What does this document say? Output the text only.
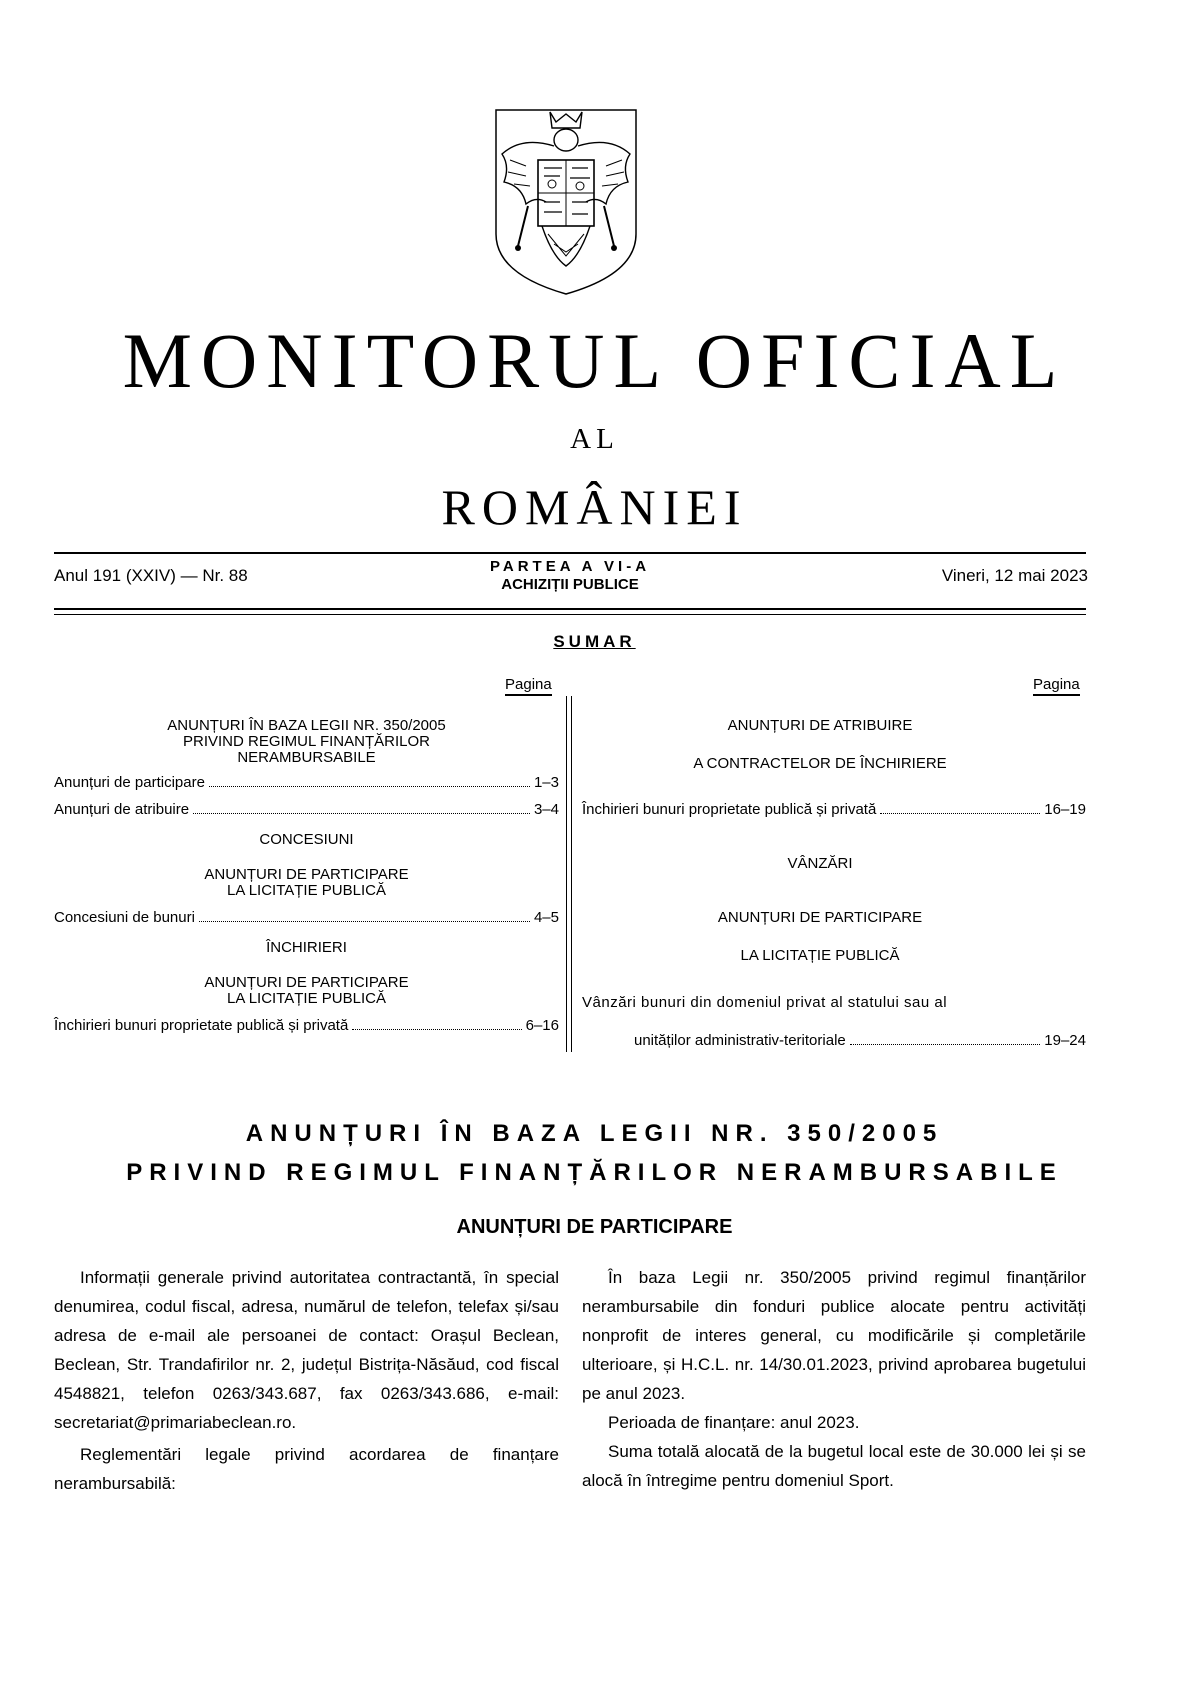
MONITORUL OFICIAL
AL
ROMÂNIEI
Anul 191 (XXIV) — Nr. 88	PARTEA A VI-A
ACHIZIȚII PUBLICE	Vineri, 12 mai 2023
SUMAR
Pagina	Pagina
ANUNȚURI ÎN BAZA LEGII NR. 350/2005
PRIVIND REGIMUL FINANȚĂRILOR
NERAMBURSABILE
Anunțuri de participare	1–3
Anunțuri de atribuire	3–4
CONCESIUNI
ANUNȚURI DE PARTICIPARE
LA LICITAȚIE PUBLICĂ
Concesiuni de bunuri	4–5
ÎNCHIRIERI
ANUNȚURI DE PARTICIPARE
LA LICITAȚIE PUBLICĂ
Închirieri bunuri proprietate publică și privată	6–16
ANUNȚURI DE ATRIBUIRE
A CONTRACTELOR DE ÎNCHIRIERE
Închirieri bunuri proprietate publică și privată	16–19
VÂNZĂRI
ANUNȚURI DE PARTICIPARE
LA LICITAȚIE PUBLICĂ
Vânzări bunuri din domeniul privat al statului sau al
unităților administrativ-teritoriale	19–24
ANUNȚURI ÎN BAZA LEGII NR. 350/2005
PRIVIND REGIMUL FINANȚĂRILOR NERAMBURSABILE
ANUNȚURI DE PARTICIPARE

Informații generale privind autoritatea contractantă, în special denumirea, codul fiscal, adresa, numărul de telefon, telefax și/sau adresa de e-mail ale persoanei de contact: Orașul Beclean, Beclean, Str. Trandafirilor nr. 2, județul Bistrița-Năsăud, cod fiscal 4548821, telefon 0263/343.687, fax 0263/343.686, e-mail: secretariat@primariabeclean.ro.

Reglementări legale privind acordarea de finanțare nerambursabilă:

În baza Legii nr. 350/2005 privind regimul finanțărilor nerambursabile din fonduri publice alocate pentru activități nonprofit de interes general, cu modificările și completările ulterioare, și H.C.L. nr. 14/30.01.2023, privind aprobarea bugetului pe anul 2023.

Perioada de finanțare: anul 2023.

Suma totală alocată de la bugetul local este de 30.000 lei și se alocă în întregime pentru domeniul Sport.
